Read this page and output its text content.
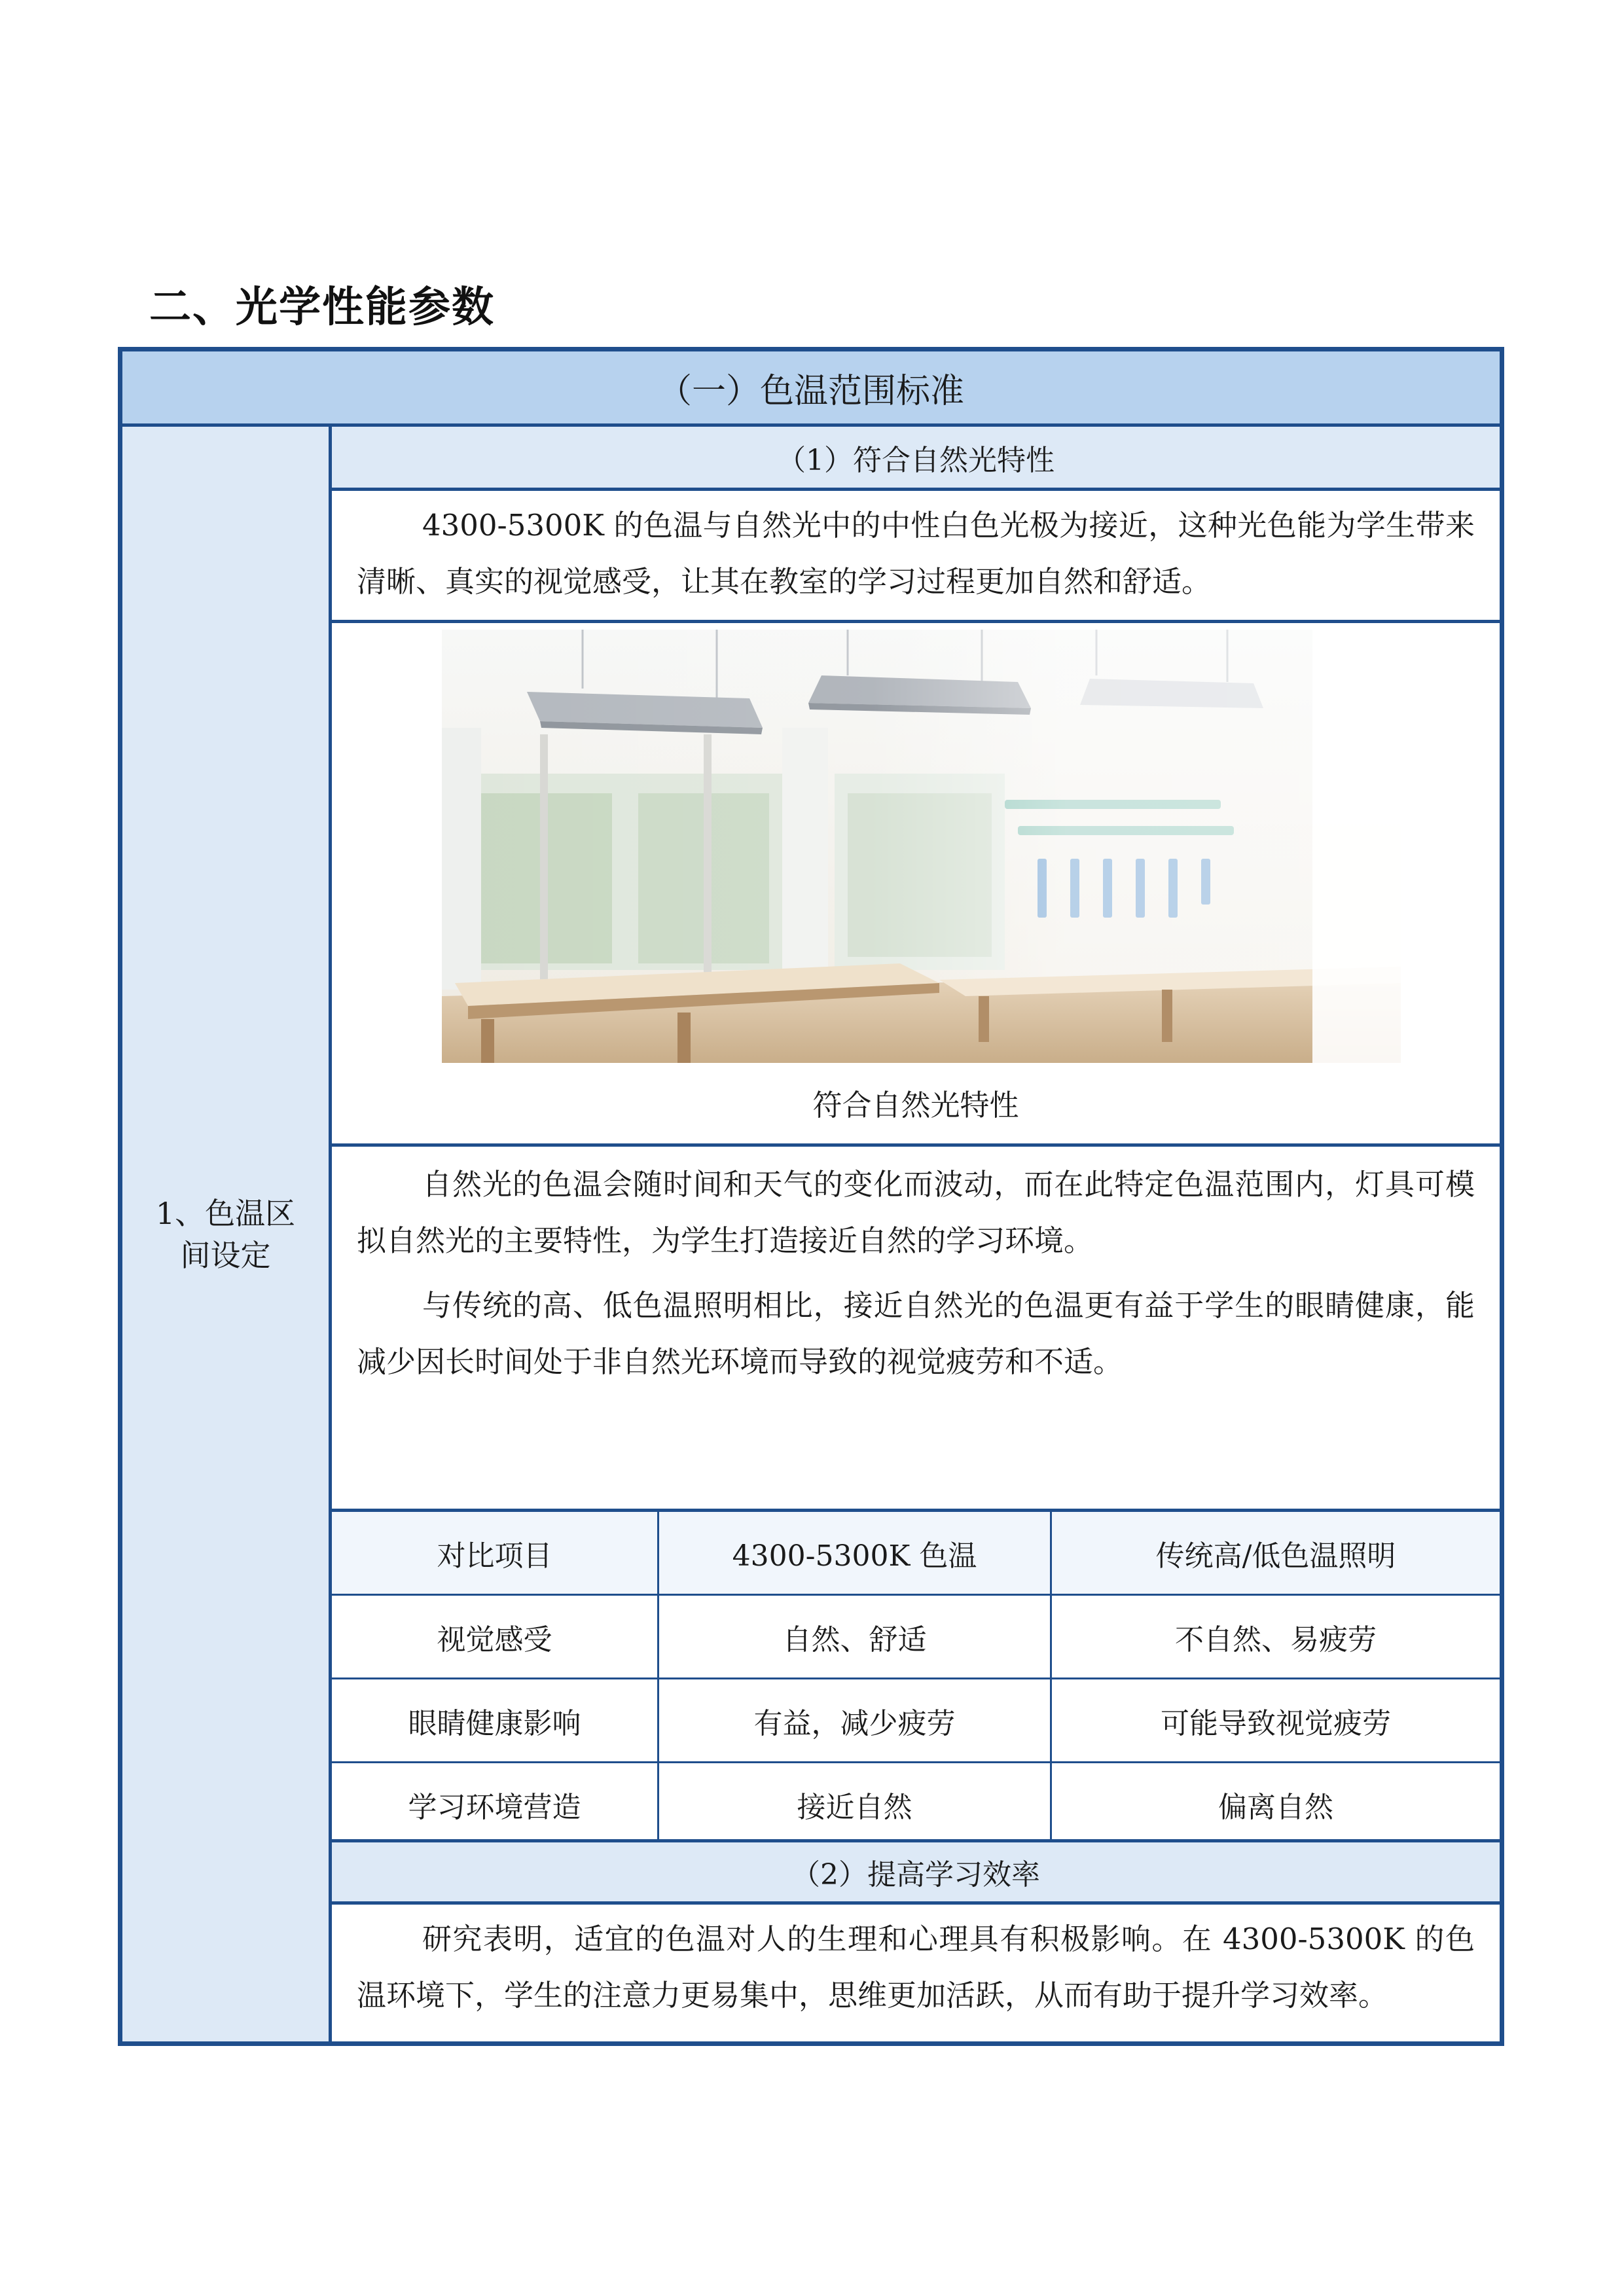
二、光学性能参数
（一）色温范围标准
1、色温区间设定
（1）符合自然光特性

4300-5300K 的色温与自然光中的中性白色光极为接近，这种光色能为学生带来清晰、真实的视觉感受，让其在教室的学习过程更加自然和舒适。

符合自然光特性

自然光的色温会随时间和天气的变化而波动，而在此特定色温范围内，灯具可模拟自然光的主要特性，为学生打造接近自然的学习环境。

与传统的高、低色温照明相比，接近自然光的色温更有益于学生的眼睛健康，能减少因长时间处于非自然光环境而导致的视觉疲劳和不适。

对比项目	4300-5300K 色温	传统高/低色温照明
视觉感受	自然、舒适	不自然、易疲劳
眼睛健康影响	有益，减少疲劳	可能导致视觉疲劳
学习环境营造	接近自然	偏离自然
（2）提高学习效率

研究表明，适宜的色温对人的生理和心理具有积极影响。在 4300-5300K 的色温环境下，学生的注意力更易集中，思维更加活跃，从而有助于提升学习效率。
